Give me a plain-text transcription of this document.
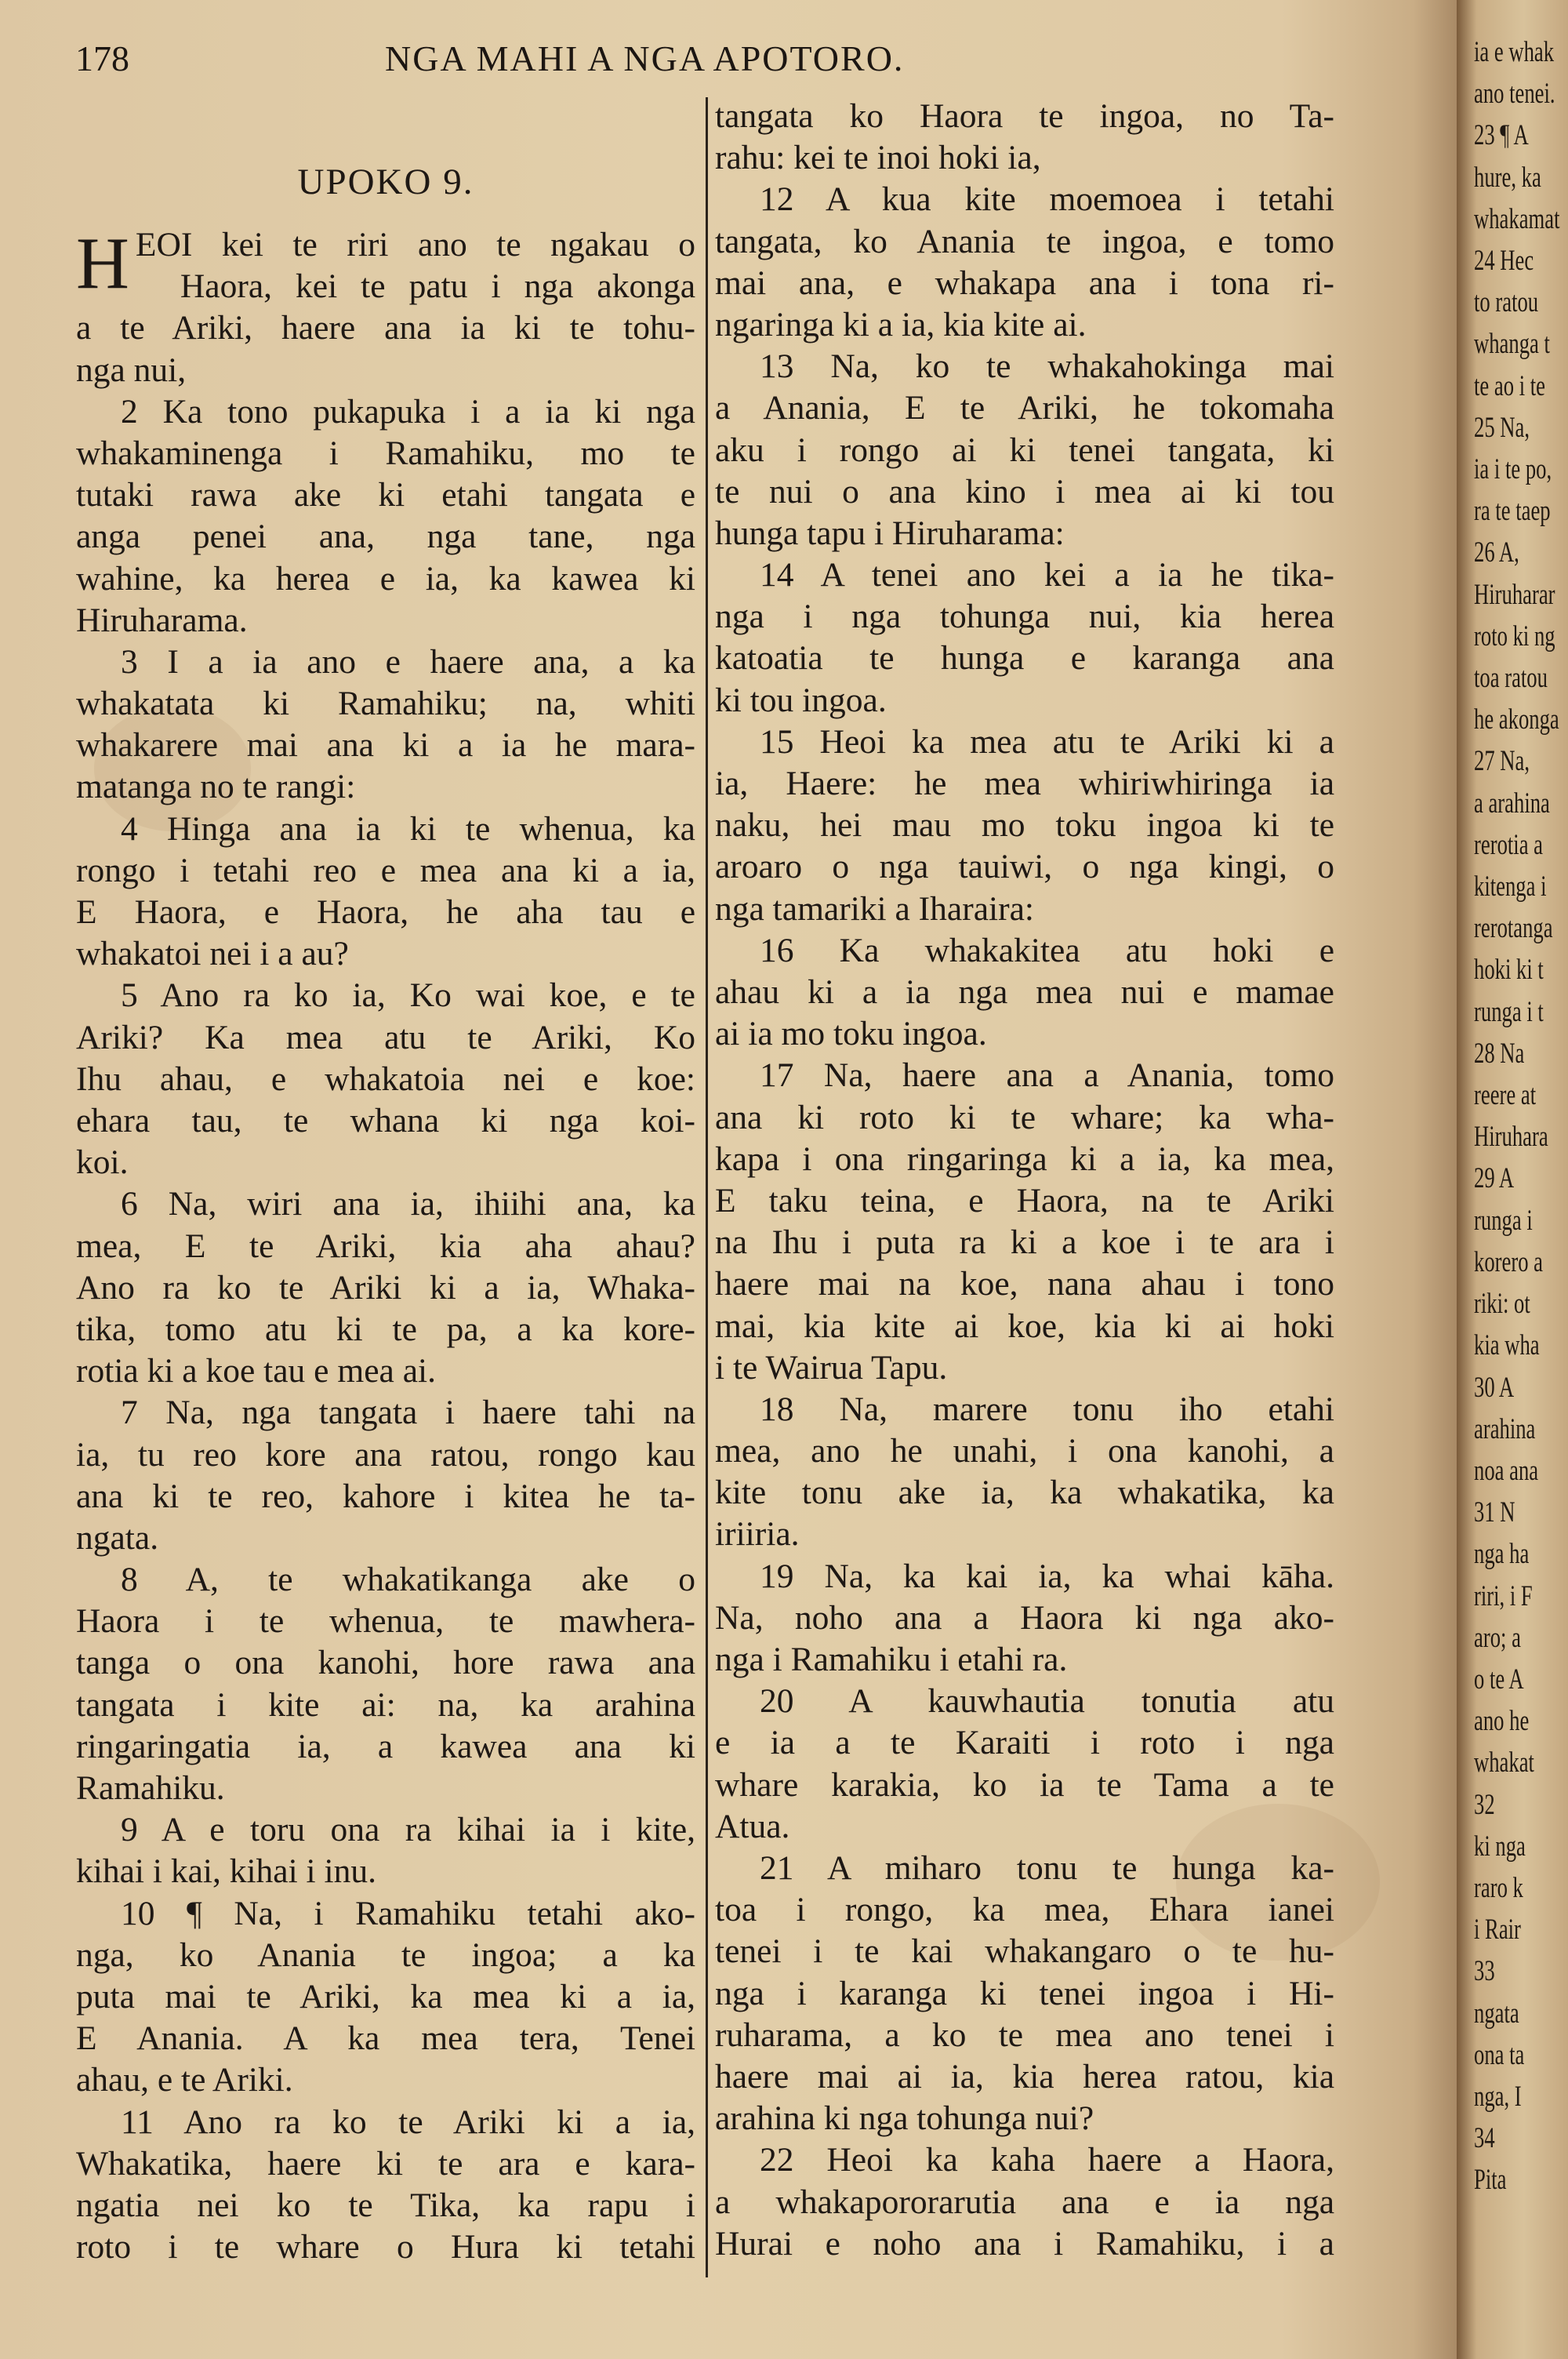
178	NGA MAHI A NGA APOTORO.
UPOKO 9.
H EOI kei te riri ano te ngakau o
Haora, kei te patu i nga akonga
a te Ariki, haere ana ia ki te tohu-
nga nui,
2 Ka tono pukapuka i a ia ki nga
whakaminenga i Ramahiku, mo te
tutaki rawa ake ki etahi tangata e
anga penei ana, nga tane, nga
wahine, ka herea e ia, ka kawea ki
Hiruharama.
3 I a ia ano e haere ana, a ka
whakatata ki Ramahiku; na, whiti
whakarere mai ana ki a ia he mara-
matanga no te rangi:
4 Hinga ana ia ki te whenua, ka
rongo i tetahi reo e mea ana ki a ia,
E Haora, e Haora, he aha tau e
whakatoi nei i a au?
5 Ano ra ko ia, Ko wai koe, e te
Ariki? Ka mea atu te Ariki, Ko
Ihu ahau, e whakatoia nei e koe:
ehara tau, te whana ki nga koi-
koi.
6 Na, wiri ana ia, ihiihi ana, ka
mea, E te Ariki, kia aha ahau?
Ano ra ko te Ariki ki a ia, Whaka-
tika, tomo atu ki te pa, a ka kore-
rotia ki a koe tau e mea ai.
7 Na, nga tangata i haere tahi na
ia, tu reo kore ana ratou, rongo kau
ana ki te reo, kahore i kitea he ta-
ngata.
8 A, te whakatikanga ake o
Haora i te whenua, te mawhera-
tanga o ona kanohi, hore rawa ana
tangata i kite ai: na, ka arahina
ringaringatia ia, a kawea ana ki
Ramahiku.
9 A e toru ona ra kihai ia i kite,
kihai i kai, kihai i inu.
10 ¶ Na, i Ramahiku tetahi ako-
nga, ko Anania te ingoa; a ka
puta mai te Ariki, ka mea ki a ia,
E Anania. A ka mea tera, Tenei
ahau, e te Ariki.
11 Ano ra ko te Ariki ki a ia,
Whakatika, haere ki te ara e kara-
ngatia nei ko te Tika, ka rapu i
roto i te whare o Hura ki tetahi
tangata ko Haora te ingoa, no Ta-
rahu: kei te inoi hoki ia,
12 A kua kite moemoea i tetahi
tangata, ko Anania te ingoa, e tomo
mai ana, e whakapa ana i tona ri-
ngaringa ki a ia, kia kite ai.
13 Na, ko te whakahokinga mai
a Anania, E te Ariki, he tokomaha
aku i rongo ai ki tenei tangata, ki
te nui o ana kino i mea ai ki tou
hunga tapu i Hiruharama:
14 A tenei ano kei a ia he tika-
nga i nga tohunga nui, kia herea
katoatia te hunga e karanga ana
ki tou ingoa.
15 Heoi ka mea atu te Ariki ki a
ia, Haere: he mea whiriwhiringa ia
naku, hei mau mo toku ingoa ki te
aroaro o nga tauiwi, o nga kingi, o
nga tamariki a Iharaira:
16 Ka whakakitea atu hoki e
ahau ki a ia nga mea nui e mamae
ai ia mo toku ingoa.
17 Na, haere ana a Anania, tomo
ana ki roto ki te whare; ka wha-
kapa i ona ringaringa ki a ia, ka mea,
E taku teina, e Haora, na te Ariki
na Ihu i puta ra ki a koe i te ara i
haere mai na koe, nana ahau i tono
mai, kia kite ai koe, kia ki ai hoki
i te Wairua Tapu.
18 Na, marere tonu iho etahi
mea, ano he unahi, i ona kanohi, a
kite tonu ake ia, ka whakatika, ka
iriiria.
19 Na, ka kai ia, ka whai kāha.
Na, noho ana a Haora ki nga ako-
nga i Ramahiku i etahi ra.
20 A kauwhautia tonutia atu
e ia a te Karaiti i roto i nga
whare karakia, ko ia te Tama a te
Atua.
21 A miharo tonu te hunga ka-
toa i rongo, ka mea, Ehara ianei
tenei i te kai whakangaro o te hu-
nga i karanga ki tenei ingoa i Hi-
ruharama, a ko te mea ano tenei i
haere mai ai ia, kia herea ratou, kia
arahina ki nga tohunga nui?
22 Heoi ka kaha haere a Haora,
a whakapororarutia ana e ia nga
Hurai e noho ana i Ramahiku, i a
ia e whak
ano tenei.
23 ¶ A
hure, ka
whakamat
24 Hec
to ratou
whanga t
te ao i te
25 Na,
ia i te po,
ra te taep
26 A,
Hiruharar
roto ki ng
toa ratou
he akonga
27 Na,
a arahina
rerotia a
kitenga i
rerotanga
hoki ki t
runga i t
28 Na
reere at
Hiruhara
29 A
runga i
korero a
riki: ot
kia wha
30 A
arahina
noa ana
31 N
nga ha
riri, i F
aro; a
o te A
ano he
whakat
32
ki nga
raro k
i Rair
33
ngata
ona ta
nga, I
34
Pita
